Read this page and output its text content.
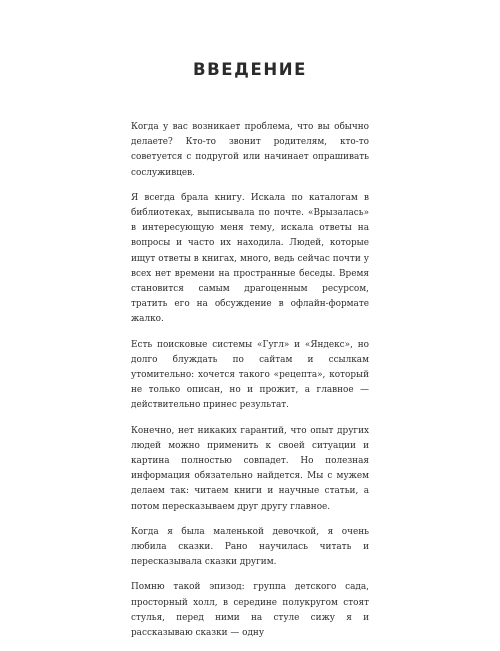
ВВЕДЕНИЕ

Когда у вас возникает проблема, что вы обычно делаете? Кто-то звонит родителям, кто-то советуется с подругой или начинает опрашивать сослуживцев.

Я всегда брала книгу. Искала по каталогам в библиотеках, выписывала по почте. «Врызалась» в интересующую меня тему, искала ответы на вопросы и часто их находила. Людей, которые ищут ответы в книгах, много, ведь сейчас почти у всех нет времени на пространные беседы. Время становится самым драгоценным ресурсом, тратить его на обсуждение в офлайн-формате жалко.

Есть поисковые системы «Гугл» и «Яндекс», но долго блуждать по сайтам и ссылкам утомительно: хочется такого «рецепта», который не только описан, но и прожит, а главное — действительно принес результат.

Конечно, нет никаких гарантий, что опыт других людей можно применить к своей ситуации и картина полностью совпадет. Но полезная информация обязательно найдется. Мы с мужем делаем так: читаем книги и научные статьи, а потом пересказываем друг другу главное.

Когда я была маленькой девочкой, я очень любила сказки. Рано научилась читать и пересказывала сказки другим.

Помню такой эпизод: группа детского сада, просторный холл, в середине полукругом стоят стулья, перед ними на стуле сижу я и рассказываю сказки — одну
